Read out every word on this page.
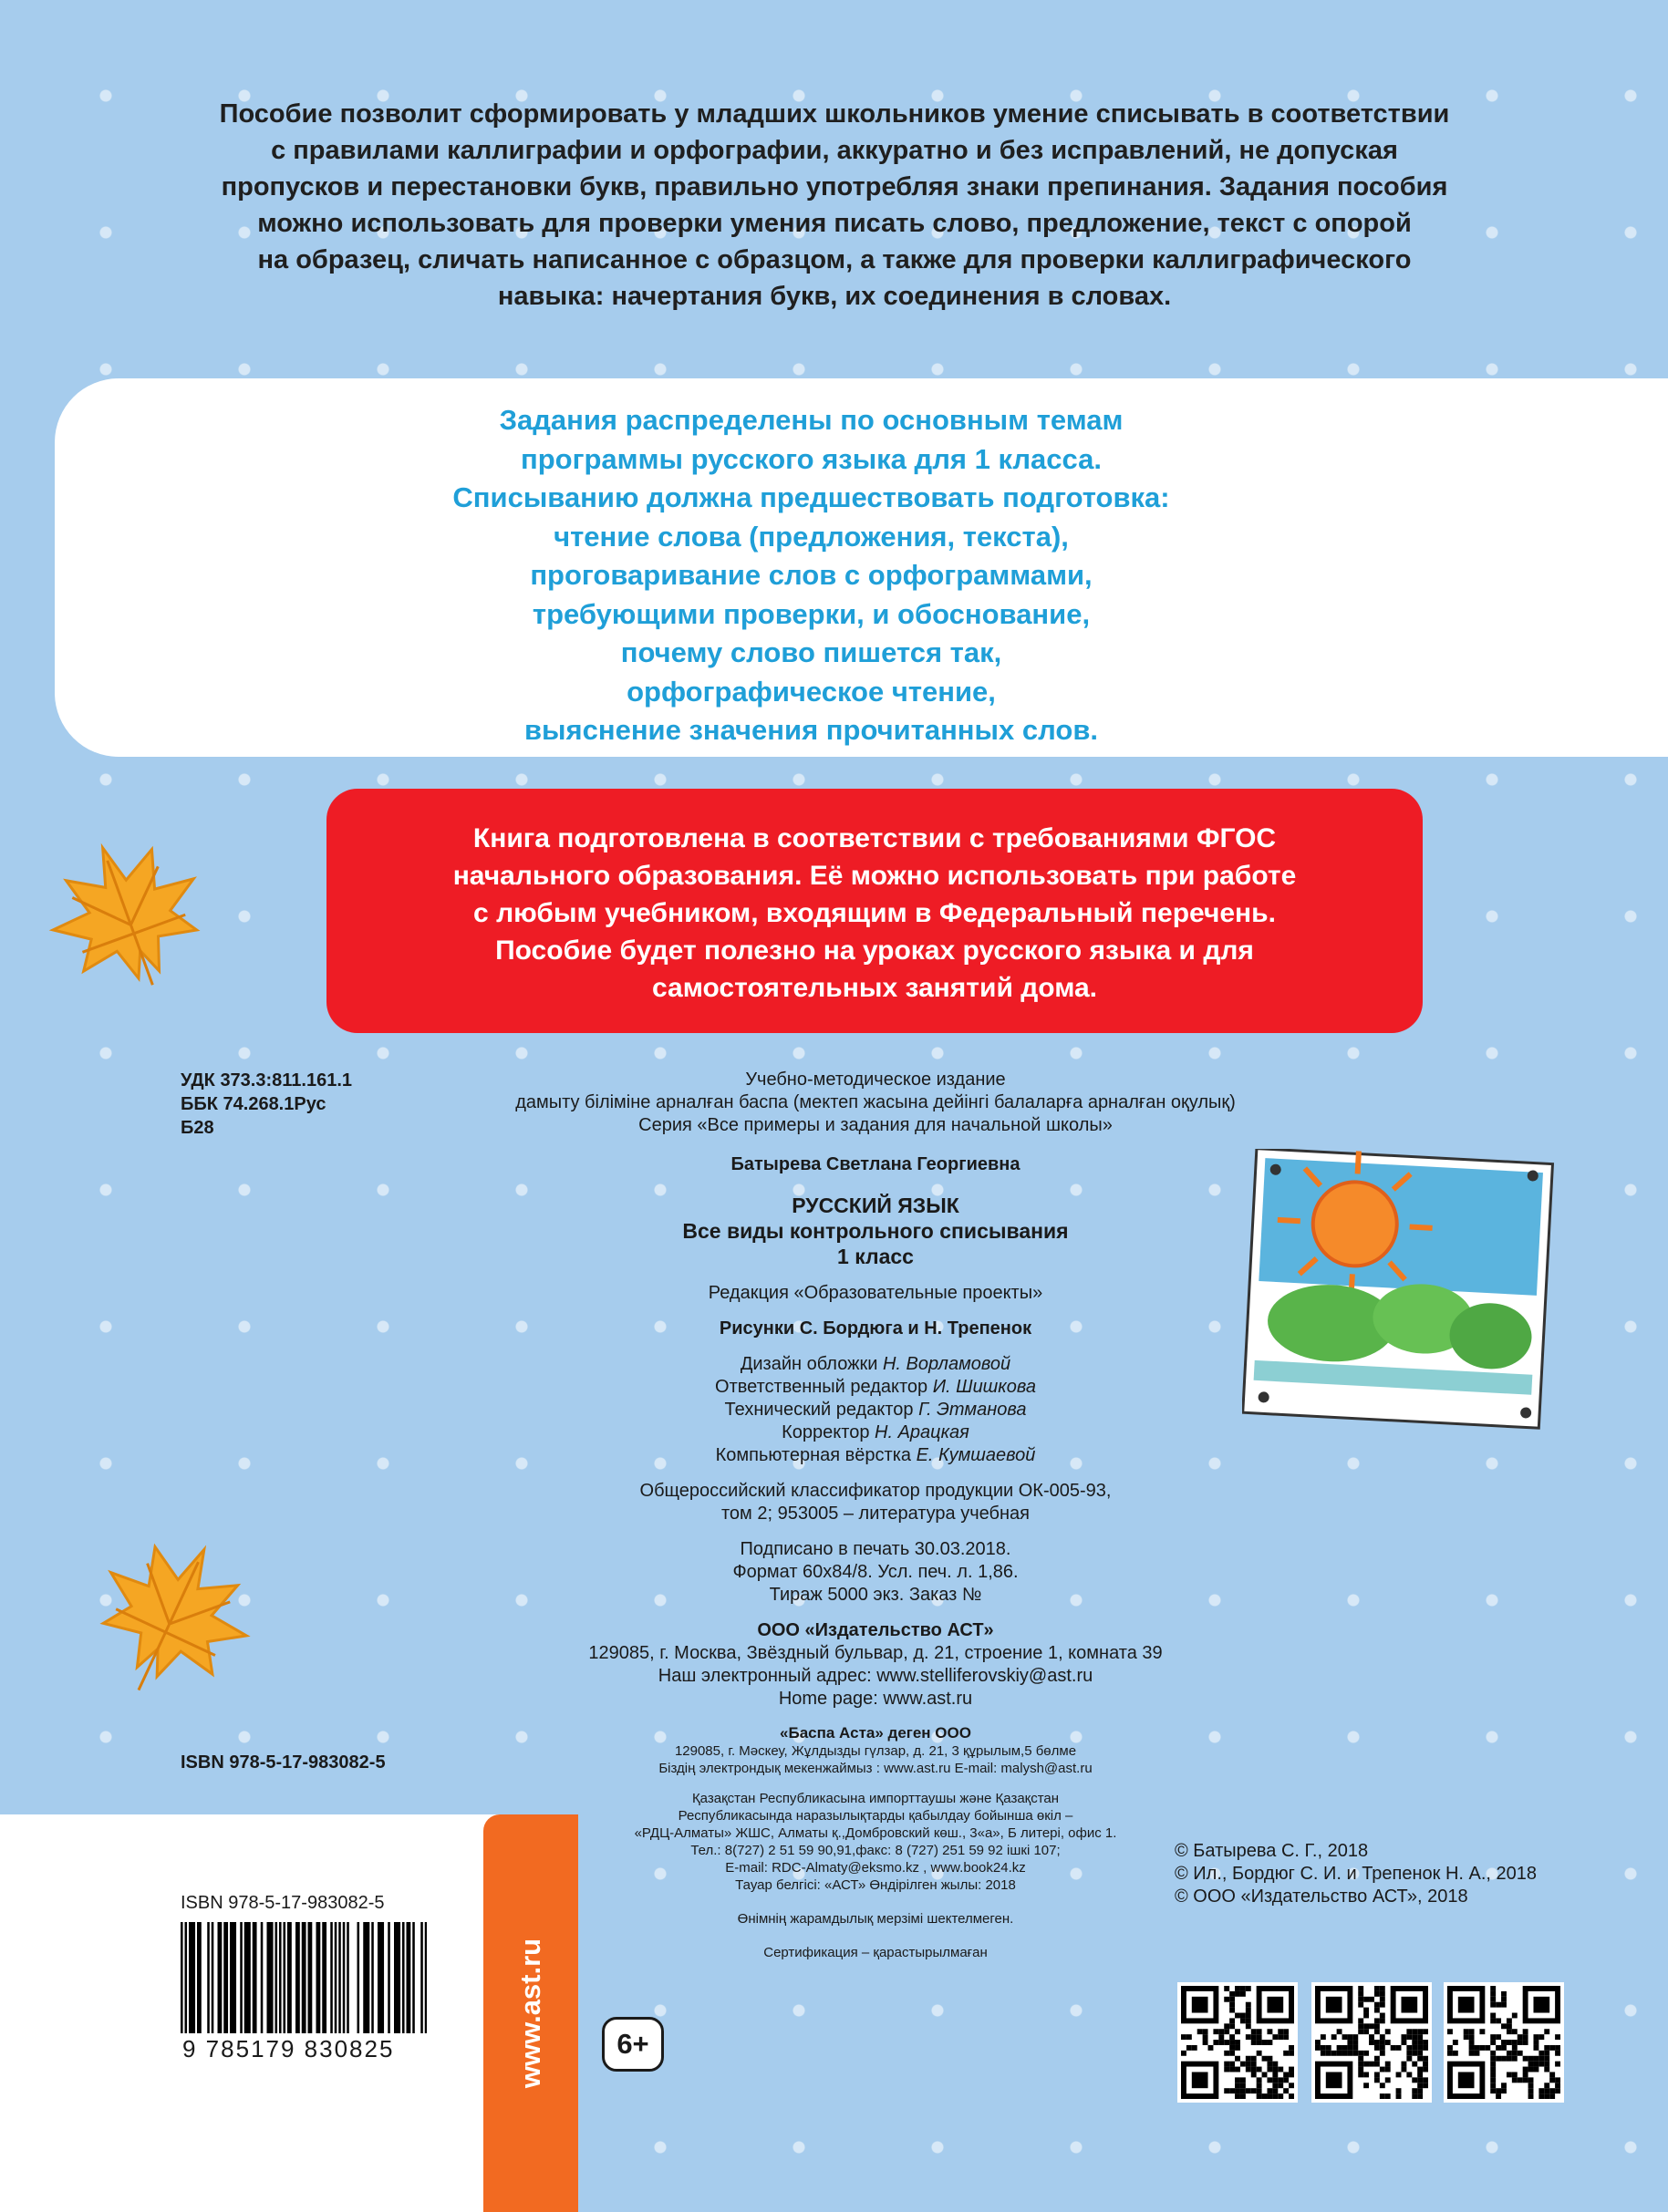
Пособие позволит сформировать у младших школьников умение списывать в соответствии
с правилами каллиграфии и орфографии, аккуратно и без исправлений, не допуская
пропусков и перестановки букв, правильно употребляя знаки препинания. Задания пособия
можно использовать для проверки умения писать слово, предложение, текст с опорой
на образец, сличать написанное с образцом, а также для проверки каллиграфического
навыка: начертания букв, их соединения в словах.
Задания распределены по основным темам
программы русского языка для 1 класса.
Списыванию должна предшествовать подготовка:
чтение слова (предложения, текста),
проговаривание слов с орфограммами,
требующими проверки, и обоснование,
почему слово пишется так,
орфографическое чтение,
выяснение значения прочитанных слов.
Книга подготовлена в соответствии с требованиями ФГОС
начального образования. Её можно использовать при работе
с любым учебником, входящим в Федеральный перечень.
Пособие будет полезно на уроках русского языка и для
самостоятельных занятий дома.
УДК 373.3:811.161.1
ББК 74.268.1Рус
Б28
Учебно-методическое издание
дамыту біліміне арналған баспа (мектеп жасына дейінгі балаларға арналған оқулық)
Серия «Все примеры и задания для начальной школы»
Батырева Светлана Георгиевна
РУССКИЙ ЯЗЫК
Все виды контрольного списывания
1 класс
Редакция «Образовательные проекты»
Рисунки С. Бордюга и Н. Трепенок
Дизайн обложки Н. Ворламовой
Ответственный редактор И. Шишкова
Технический редактор Г. Этманова
Корректор Н. Арацкая
Компьютерная вёрстка Е. Кумшаевой
Общероссийский классификатор продукции ОК-005-93,
том 2; 953005 – литература учебная
Подписано в печать 30.03.2018.
Формат 60х84/8. Усл. печ. л. 1,86.
Тираж 5000 экз. Заказ №
ООО «Издательство АСТ»
129085, г. Москва, Звёздный бульвар, д. 21, строение 1, комната 39
Наш электронный адрес: www.stelliferovskiy@ast.ru
Home page: www.ast.ru
«Баспа Аста» деген ООО
129085, г. Мәскеу, Жұлдызды гүлзар, д. 21, 3 құрылым,5 бөлме
Біздің электрондық мекенжаймыз : www.ast.ru E-mail: malysh@ast.ru
Қазақстан Республикасына импорттаушы және Қазақстан
Республикасында наразылықтарды қабылдау бойынша өкіл –
«РДЦ-Алматы» ЖШС, Алматы қ.,Домбровский көш., 3«а», Б литері, офис 1.
Тел.: 8(727) 2 51 59 90,91,факс: 8 (727) 251 59 92 ішкі 107;
E-mail: RDC-Almaty@eksmo.kz , www.book24.kz
Тауар белгісі: «АСТ» Өндірілген жылы: 2018
Өнімнің жарамдылық мерзімі шектелмеген.
Сертификация – қарастырылмаған
ISBN 978-5-17-983082-5
ISBN 978-5-17-983082-5
9 785179 830825	www.ast.ru	6+
© Батырева С. Г., 2018
© Ил., Бордюг С. И. и Трепенок Н. А., 2018
© ООО «Издательство АСТ», 2018
